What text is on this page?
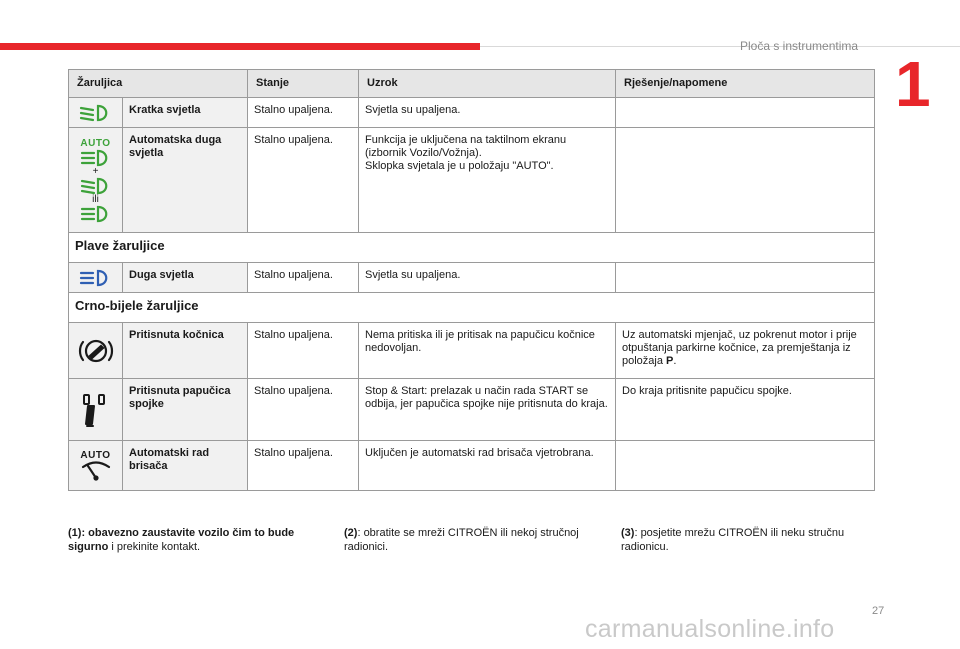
Ploča s instrumentima
1
Žaruljica		Stanje	Uzrok	Rješenje/napomene
	Kratka svjetla	Stalno upaljena.	Svjetla su upaljena.	

AUTO
+
ili	Automatska duga svjetla	Stalno upaljena.	Funkcija je uključena na taktilnom ekranu (izbornik Vozilo/Vožnja).
Sklopka svjetala je u položaju "AUTO".	
Plave žaruljice				
	Duga svjetla	Stalno upaljena.	Svjetla su upaljena.	
Crno-bijele žaruljice				
	Pritisnuta kočnica	Stalno upaljena.	Nema pritiska ili je pritisak na papučicu kočnice nedovoljan.	Uz automatski mjenjač, uz pokrenut motor i prije otpuštanja parkirne kočnice, za premještanja iz položaja P.
	Pritisnuta papučica spojke	Stalno upaljena.	Stop & Start: prelazak u način rada START se odbija, jer papučica spojke nije pritisnuta do kraja.	Do kraja pritisnite papučicu spojke.

AUTO	Automatski rad brisača	Stalno upaljena.	Uključen je automatski rad brisača vjetrobrana.	
(1): obavezno zaustavite vozilo čim to bude sigurno i prekinite kontakt.
(2): obratite se mreži CITROËN ili nekoj stručnoj radionici.
(3): posjetite mrežu CITROËN ili neku stručnu radionicu.
27
carmanualsonline.info
